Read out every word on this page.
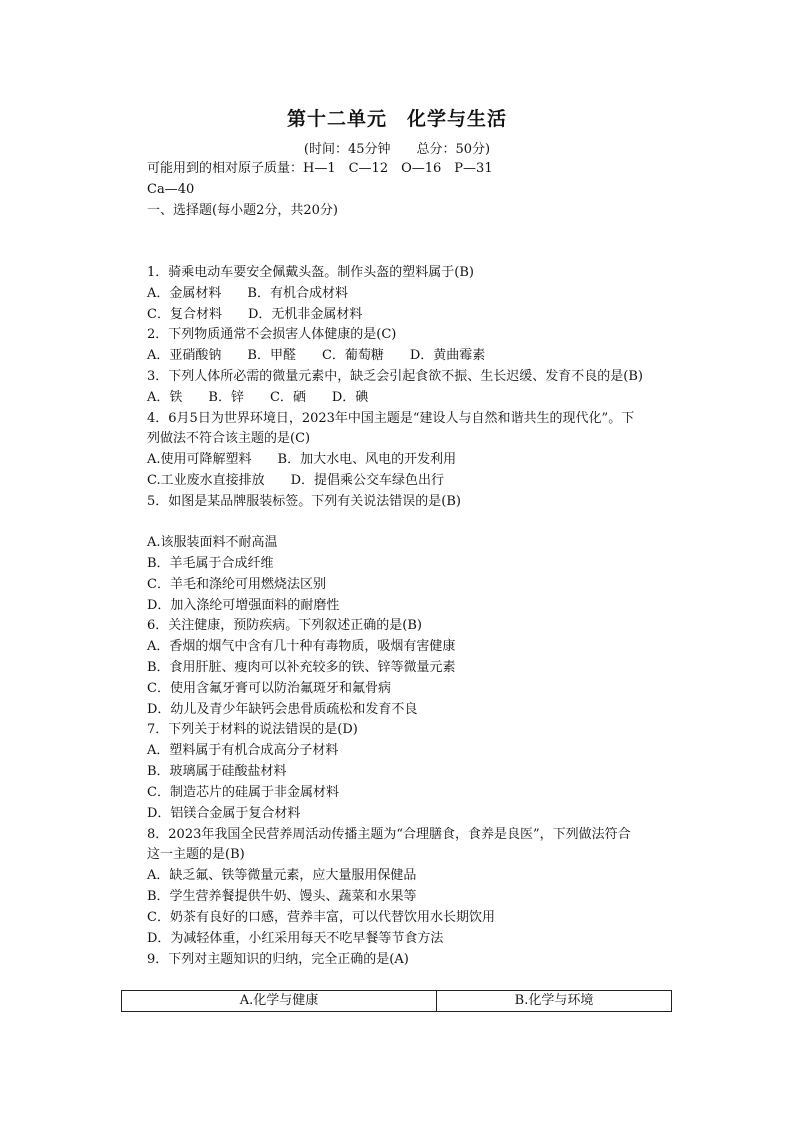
第十二单元　化学与生活
(时间：45分钟　　总分：50分)
可能用到的相对原子质量：H—1　C—12　O—16　P—31
Ca—40
一、选择题(每小题2分，共20分)
1．骑乘电动车要安全佩戴头盔。制作头盔的塑料属于(B)
A．金属材料　　B．有机合成材料
C．复合材料　　D．无机非金属材料
2．下列物质通常不会损害人体健康的是(C)
A．亚硝酸钠　　B．甲醛　　C．葡萄糖　　D．黄曲霉素
3．下列人体所必需的微量元素中，缺乏会引起食欲不振、生长迟缓、发育不良的是(B)
A．铁　　B．锌　　C．硒　　D．碘
4．6月5日为世界环境日，2023年中国主题是“建设人与自然和谐共生的现代化”。下
列做法不符合该主题的是(C)
A.使用可降解塑料　　B．加大水电、风电的开发利用
C.工业废水直接排放　　D．提倡乘公交车绿色出行
5．如图是某品牌服装标签。下列有关说法错误的是(B)
A.该服装面料不耐高温
B．羊毛属于合成纤维
C．羊毛和涤纶可用燃烧法区别
D．加入涤纶可增强面料的耐磨性
6．关注健康，预防疾病。下列叙述正确的是(B)
A．香烟的烟气中含有几十种有毒物质，吸烟有害健康
B．食用肝脏、瘦肉可以补充较多的铁、锌等微量元素
C．使用含氟牙膏可以防治氟斑牙和氟骨病
D．幼儿及青少年缺钙会患骨质疏松和发育不良
7．下列关于材料的说法错误的是(D)
A．塑料属于有机合成高分子材料
B．玻璃属于硅酸盐材料
C．制造芯片的硅属于非金属材料
D．铝镁合金属于复合材料
8．2023年我国全民营养周活动传播主题为“合理膳食，食养是良医”，下列做法符合
这一主题的是(B)
A．缺乏氟、铁等微量元素，应大量服用保健品
B．学生营养餐提供牛奶、馒头、蔬菜和水果等
C．奶茶有良好的口感，营养丰富，可以代替饮用水长期饮用
D．为减轻体重，小红采用每天不吃早餐等节食方法
9．下列对主题知识的归纳，完全正确的是(A)
A.化学与健康	B.化学与环境
